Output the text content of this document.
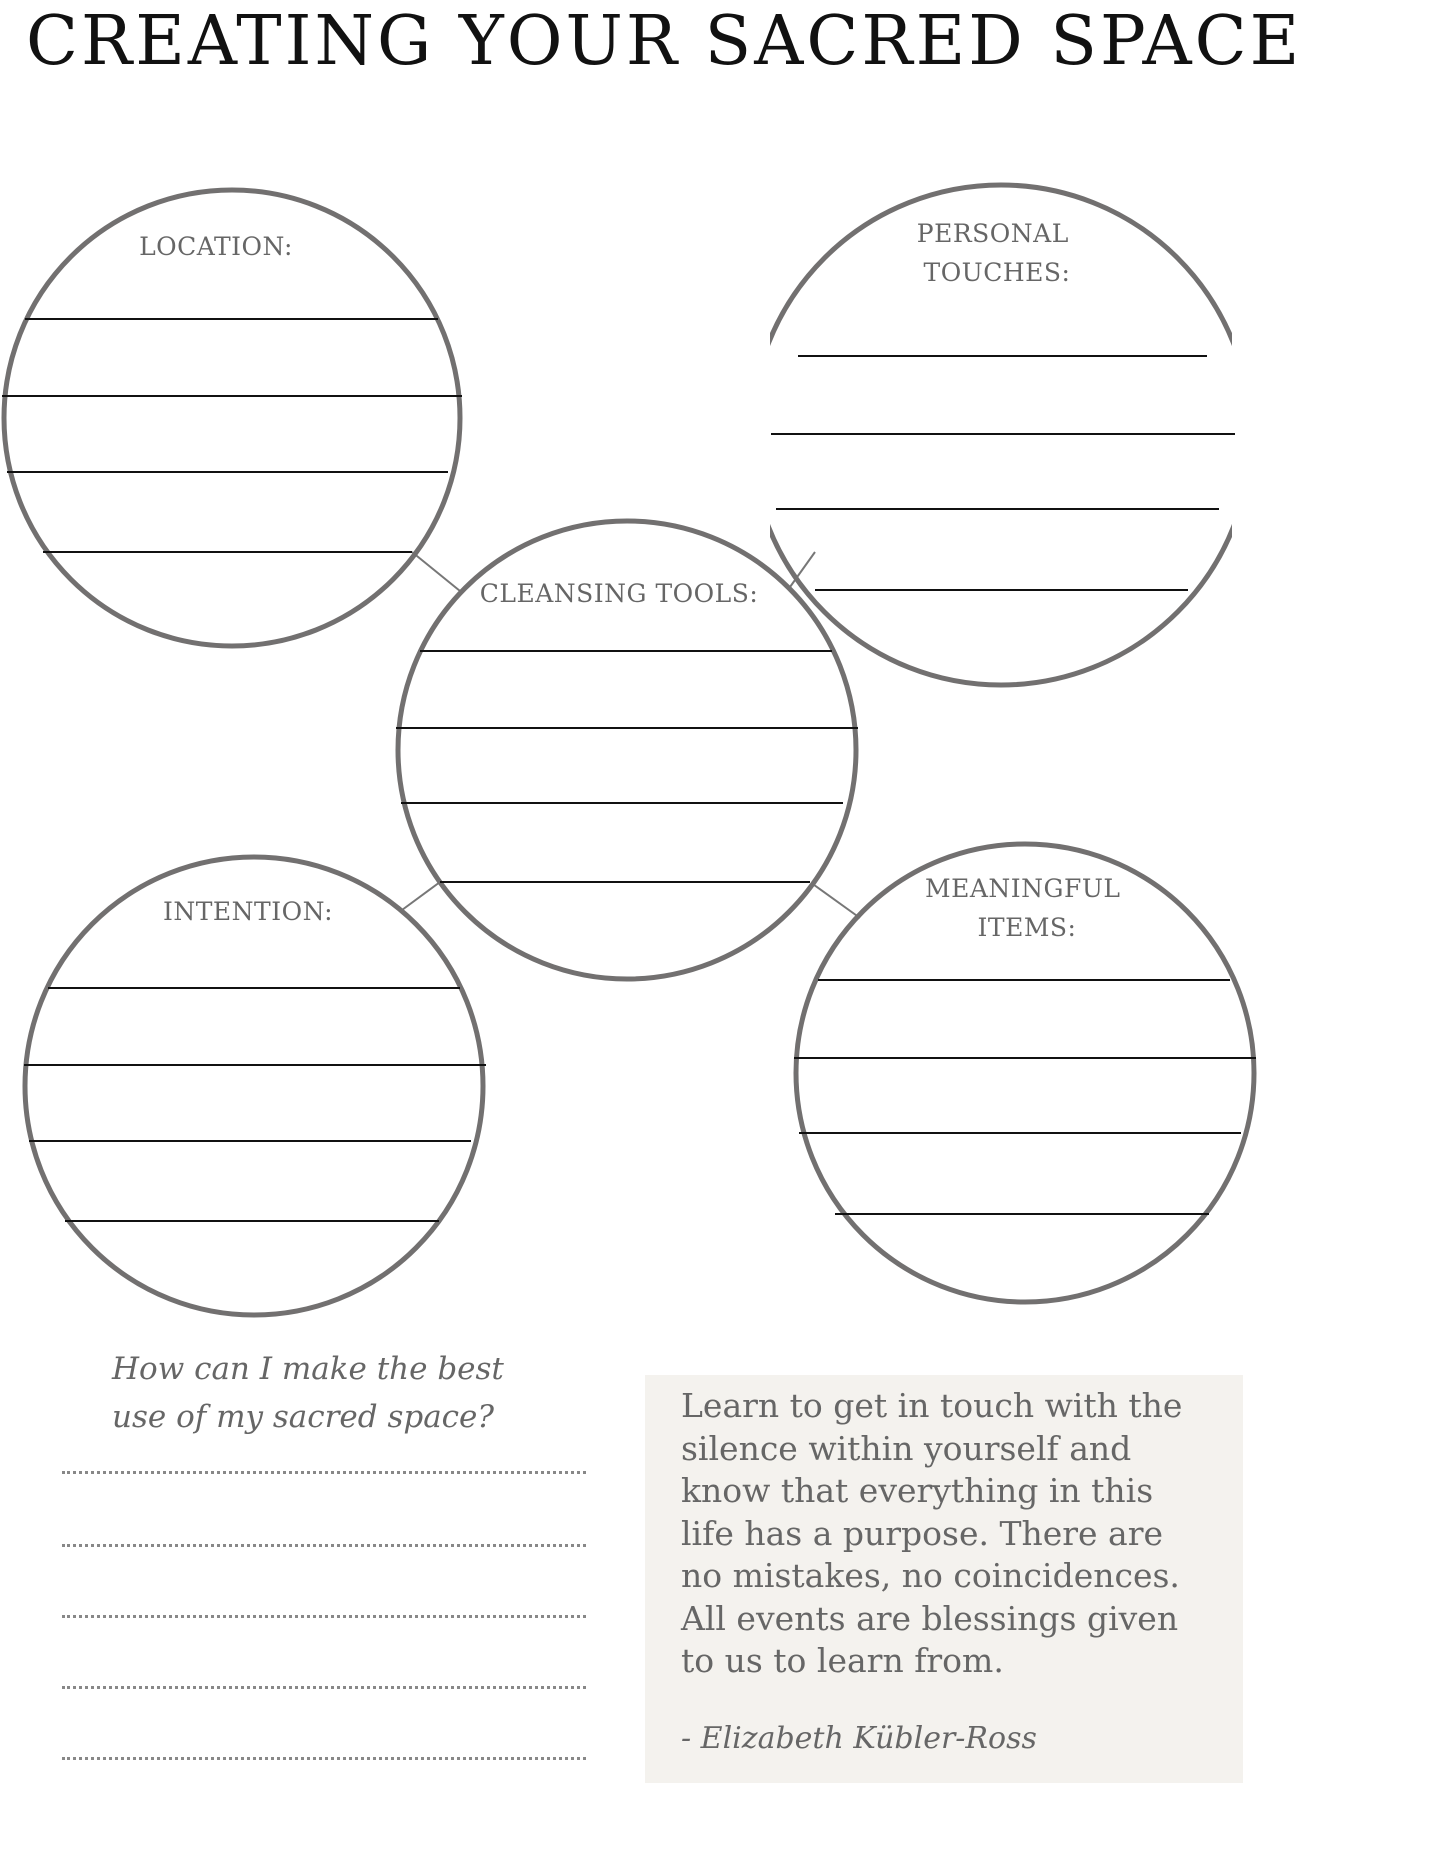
CREATING YOUR SACRED SPACE
LOCATION:	PERSONAL TOUCHES:
CLEANSING TOOLS:
INTENTION:
MEANINGFUL ITEMS:

How can I make the best use of my sacred space?	Learn to get in touch with the silence within yourself and know that everything in this life has a purpose. There are no mistakes, no coincidences. All events are blessings given to us to learn from.

- Elizabeth Kübler-Ross
